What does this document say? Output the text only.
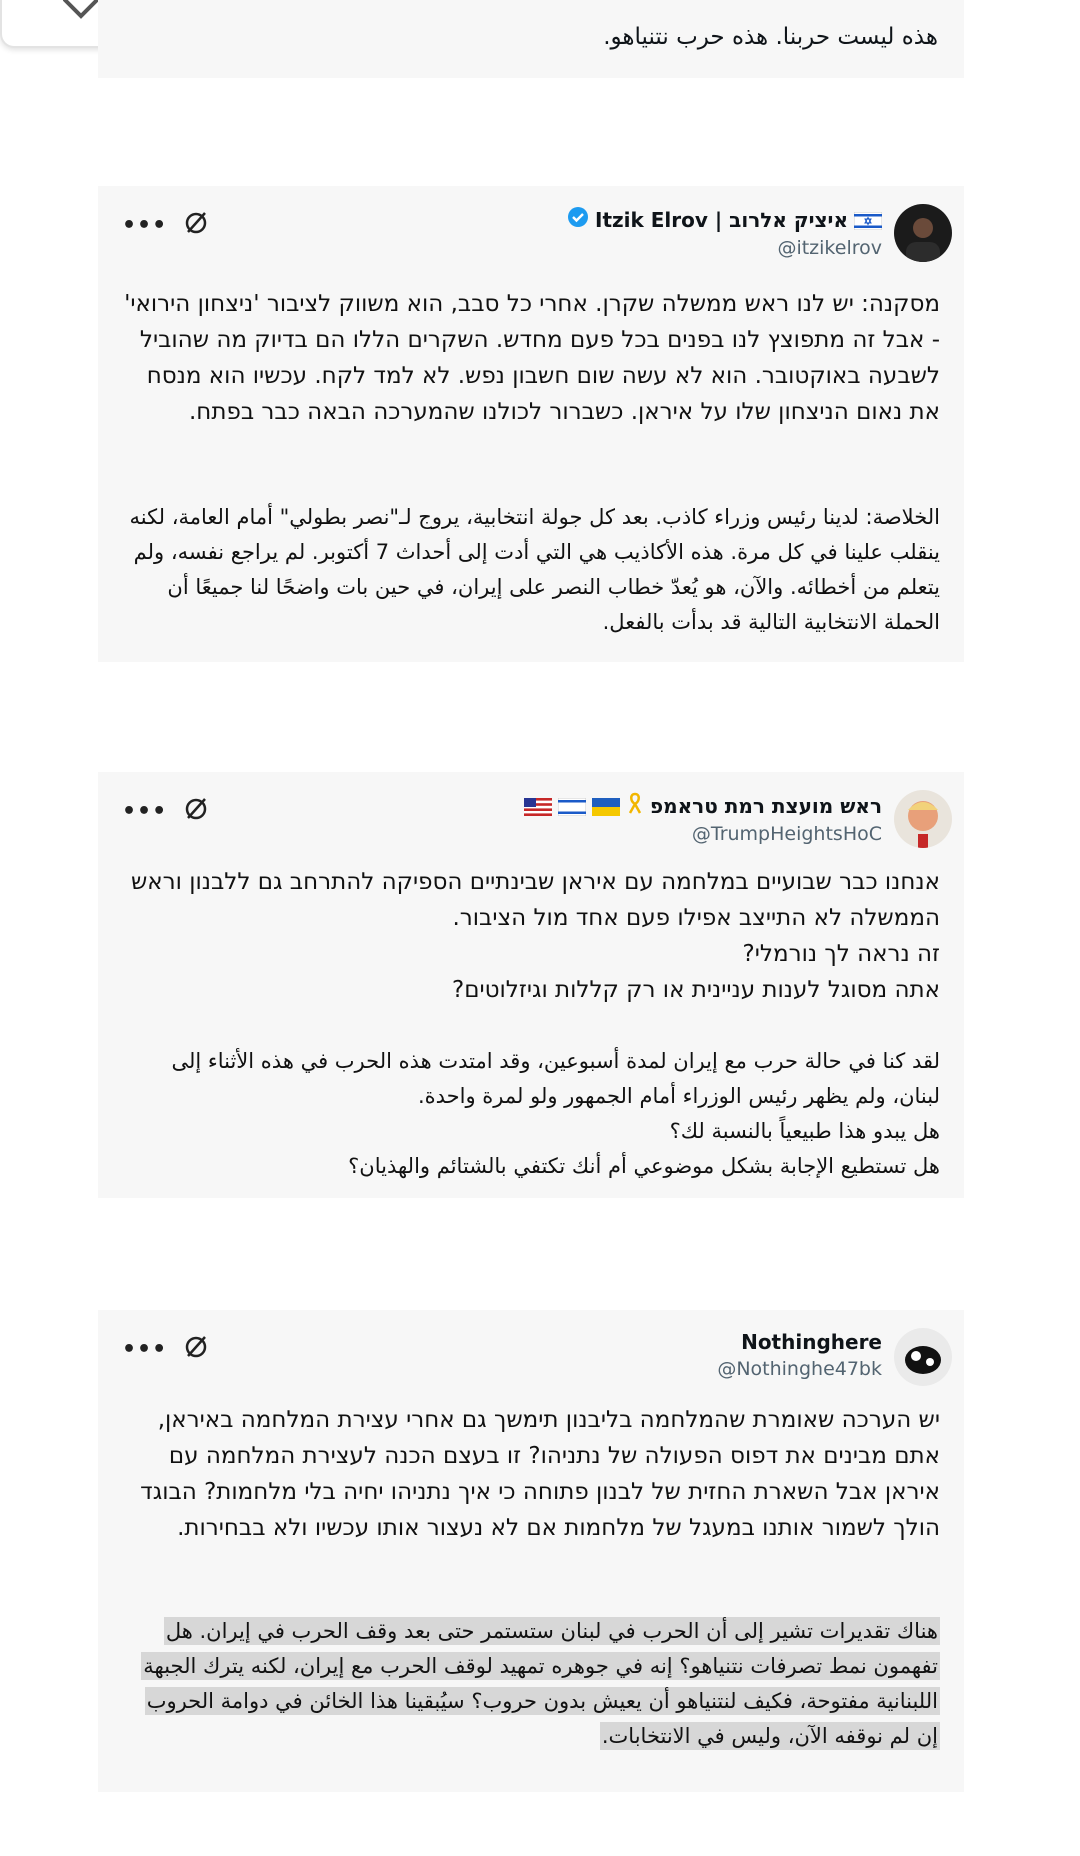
هذه ليست حربنا. هذه حرب نتنياهو.
איציק אלרוב | Itzik Elrov
@itzikelrov
•••
מסקנה: יש לנו ראש ממשלה שקרן. אחרי כל סבב, הוא משווק לציבור 'ניצחון הירואי' - אבל זה מתפוצץ לנו בפנים בכל פעם מחדש. השקרים הללו הם בדיוק מה שהוביל לשבעה באוקטובר. הוא לא עשה שום חשבון נפש. לא למד לקח. עכשיו הוא מנסח את נאום הניצחון שלו על איראן. כשברור לכולנו שהמערכה הבאה כבר בפתח.
الخلاصة: لدينا رئيس وزراء كاذب. بعد كل جولة انتخابية، يروج لـ"نصر بطولي" أمام العامة، لكنه ينقلب علينا في كل مرة. هذه الأكاذيب هي التي أدت إلى أحداث 7 أكتوبر. لم يراجع نفسه، ولم يتعلم من أخطائه. والآن، هو يُعدّ خطاب النصر على إيران، في حين بات واضحًا لنا جميعًا أن الحملة الانتخابية التالية قد بدأت بالفعل.
ראש מועצת רמת טראמפ
@TrumpHeightsHoC
•••
אנחנו כבר שבועיים במלחמה עם איראן שבינתיים הספיקה להתרחב גם ללבנון וראש הממשלה לא התייצב אפילו פעם אחד מול הציבור.
זה נראה לך נורמלי?
אתה מסוגל לענות עניינית או רק קללות וגיזלוטים?
لقد كنا في حالة حرب مع إيران لمدة أسبوعين، وقد امتدت هذه الحرب في هذه الأثناء إلى لبنان، ولم يظهر رئيس الوزراء أمام الجمهور ولو لمرة واحدة.
هل يبدو هذا طبيعياً بالنسبة لك؟
هل تستطيع الإجابة بشكل موضوعي أم أنك تكتفي بالشتائم والهذيان؟
Nothinghere
@Nothinghe47bk
•••
יש הערכה שאומרת שהמלחמה בליבנון תימשך גם אחרי עצירת המלחמה באיראן, אתם מבינים את דפוס הפעולה של נתניהו? זו בעצם הכנה לעצירת המלחמה עם איראן אבל השארת החזית של לבנון פתוחה כי איך נתניהו יחיה בלי מלחמות? הבוגד הולך לשמור אותנו במעגל של מלחמות אם לא נעצור אותו עכשיו ולא בבחירות.
هناك تقديرات تشير إلى أن الحرب في لبنان ستستمر حتى بعد وقف الحرب في إيران. هل تفهمون نمط تصرفات نتنياهو؟ إنه في جوهره تمهيد لوقف الحرب مع إيران، لكنه يترك الجبهة اللبنانية مفتوحة، فكيف لنتنياهو أن يعيش بدون حروب؟ سيُبقينا هذا الخائن في دوامة الحروب إن لم نوقفه الآن، وليس في الانتخابات.
